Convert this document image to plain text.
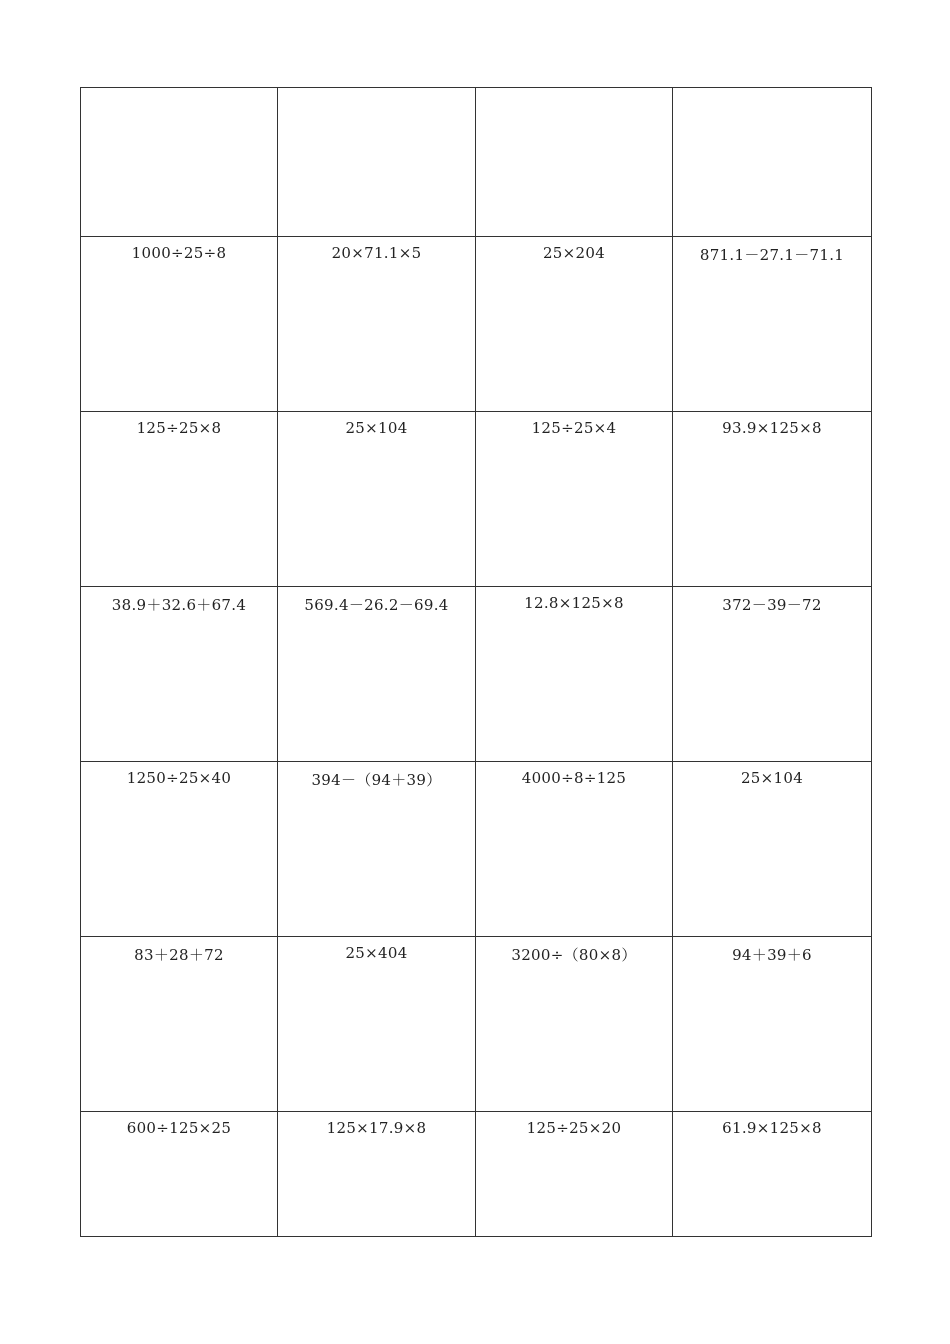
1000÷25÷8	20×71.1×5	25×204	871.1－27.1－71.1

125÷25×8	25×104	125÷25×4	93.9×125×8

38.9＋32.6＋67.4	569.4－26.2－69.4	12.8×125×8	372－39－72

1250÷25×40	394－（94＋39）	4000÷8÷125	25×104

83＋28＋72	25×404	3200÷（80×8）	94＋39＋6

600÷125×25	125×17.9×8	125÷25×20	61.9×125×8
